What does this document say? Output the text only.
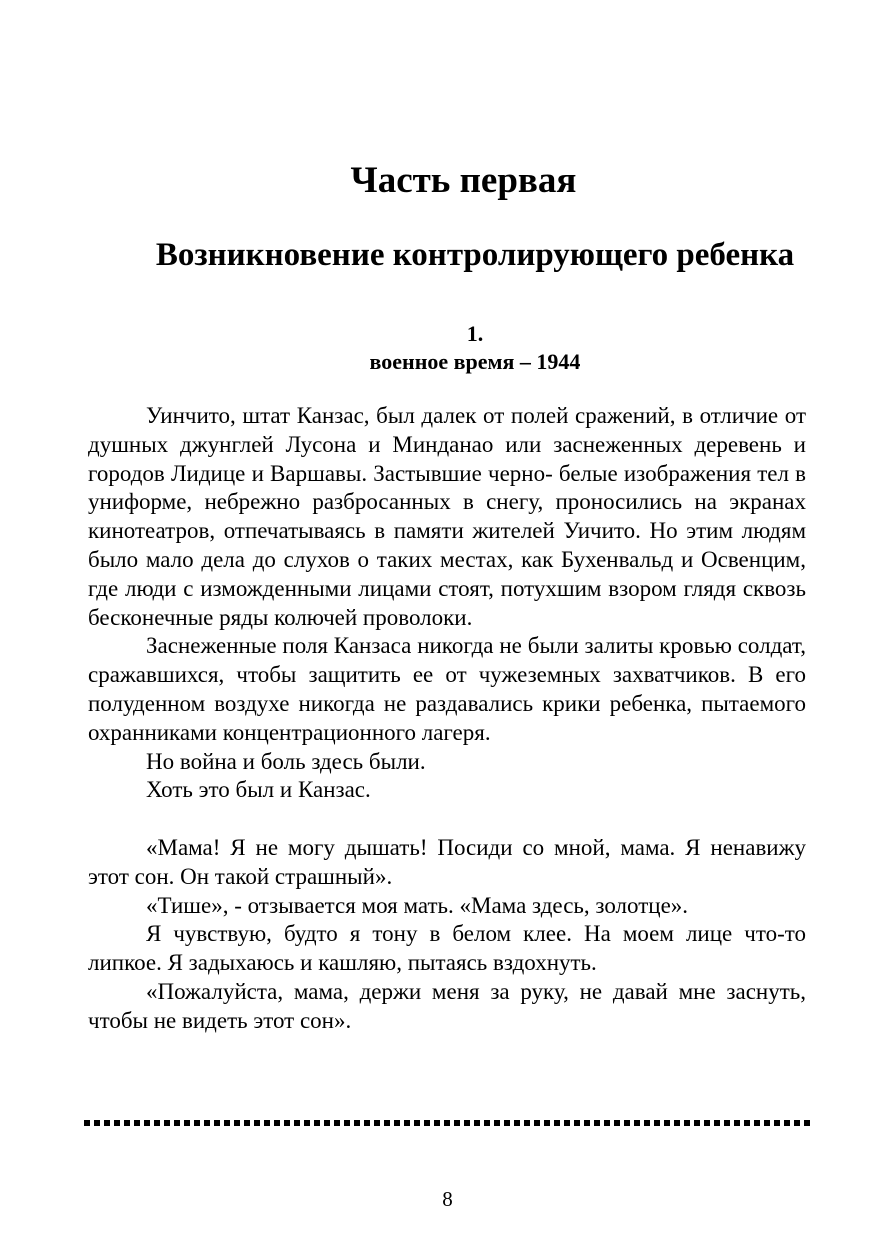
Часть первая
Возникновение контролирующего ребенка
1.
военное время – 1944

Уинчито, штат Канзас, был далек от полей сражений, в отличие от душных джунглей Лусона и Минданао или заснеженных деревень и городов Лидице и Варшавы. Застывшие черно- белые изображения тел в униформе, небрежно разбросанных в снегу, проносились на экранах кинотеатров, отпечатываясь в памяти жителей Уичито. Но этим людям было мало дела до слухов о таких местах, как Бухенвальд и Освенцим, где люди с изможденными лицами стоят, потухшим взором глядя сквозь бесконечные ряды колючей проволоки.

Заснеженные поля Канзаса никогда не были залиты кровью солдат, сражавшихся, чтобы защитить ее от чужеземных захватчиков. В его полуденном воздухе никогда не раздавались крики ребенка, пытаемого охранниками концентрационного лагеря.

Но война и боль здесь были.

Хоть это был и Канзас.

«Мама! Я не могу дышать! Посиди со мной, мама. Я ненавижу этот сон. Он такой страшный».

«Тише», - отзывается моя мать. «Мама здесь, золотце».

Я чувствую, будто я тону в белом клее. На моем лице что-то липкое. Я задыхаюсь и кашляю, пытаясь вздохнуть.

«Пожалуйста, мама, держи меня за руку, не давай мне заснуть, чтобы не видеть этот сон».

8
